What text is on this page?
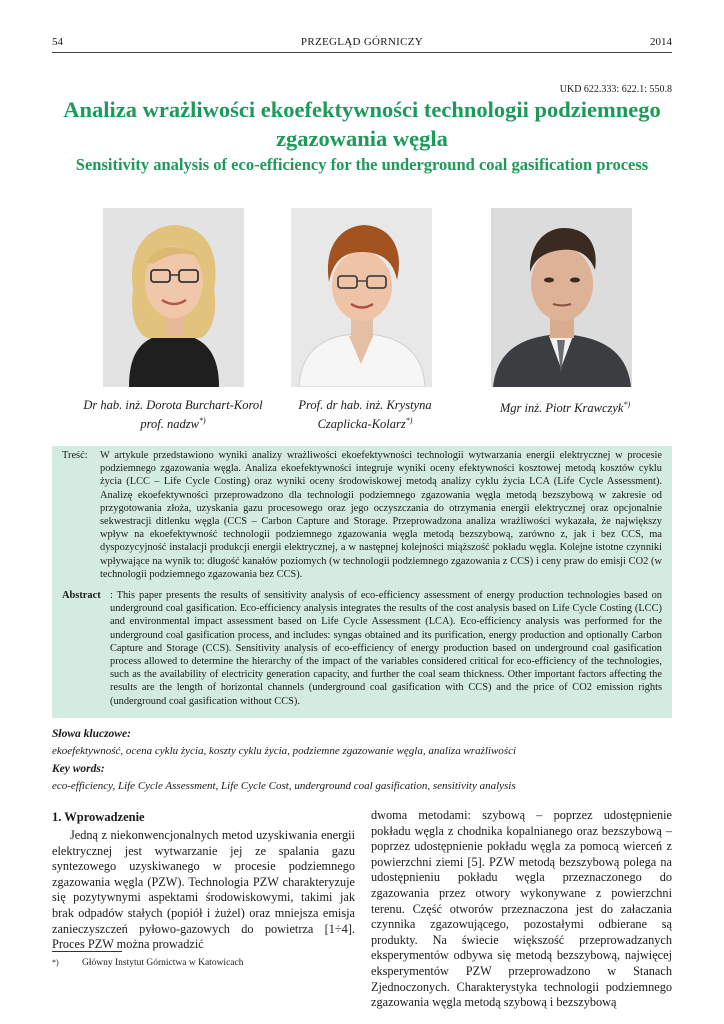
54	PRZEGLĄD GÓRNICZY	2014
UKD 622.333: 622.1: 550.8
Analiza wrażliwości ekoefektywności technologii podziemnego zgazowania węgla
Sensitivity analysis of eco-efficiency for the underground coal gasification process
Dr hab. inż. Dorota Burchart-Korol
prof. nadzw*)
Prof. dr hab. inż. Krystyna
Czaplicka-Kolarz*)
Mgr inż. Piotr Krawczyk*)
Treść: W artykule przedstawiono wyniki analizy wrażliwości ekoefektywności technologii wytwarzania energii elektrycznej w procesie podziemnego zgazowania węgla. Analiza ekoefektywności integruje wyniki oceny efektywności kosztowej metodą kosztów cyklu życia (LCC – Life Cycle Costing) oraz wyniki oceny środowiskowej metodą analizy cyklu życia LCA (Life Cycle Assessment). Analizę ekoefektywności przeprowadzono dla technologii podziemnego zgazowania węgla metodą bezszybową w zakresie od przygotowania złoża, uzyskania gazu procesowego oraz jego oczyszczania do otrzymania energii elektrycznej oraz opcjonalnie sekwestracji ditlenku węgla (CCS – Carbon Capture and Storage. Przeprowadzona analiza wrażliwości wykazała, że największy wpływ na ekoefektywność technologii podziemnego zgazowania węgla metodą bezszybową, zarówno z, jak i bez CCS, ma dyspozycyjność instalacji produkcji energii elektrycznej, a w następnej kolejności miąższość pokładu węgla. Kolejne istotne czynniki wpływające na wynik to: długość kanałów poziomych (w technologii podziemnego zgazowania z CCS) i ceny praw do emisji CO2 (w technologii podziemnego zgazowania bez CCS).
Abstract : This paper presents the results of sensitivity analysis of eco-efficiency assessment of energy production technologies based on underground coal gasification. Eco-efficiency analysis integrates the results of the cost analysis based on Life Cycle Costing (LCC) and environmental impact assessment based on Life Cycle Assessment (LCA). Eco-efficiency analysis was performed for the underground coal gasification process, and includes: syngas obtained and its purification, energy production and optionally Carbon Capture and Storage (CCS). Sensitivity analysis of eco-efficiency of energy production based on underground coal gasification process allowed to determine the hierarchy of the impact of the variables considered critical for eco-efficiency of the technologies, such as the availability of electricity generation capacity, and further the coal seam thickness. Other important factors affecting the results are the length of horizontal channels (underground coal gasification with CCS) and the price of CO2 emission rights (underground coal gasification without CCS).
Słowa kluczowe:
ekoefektywność, ocena cyklu życia, koszty cyklu życia, podziemne zgazowanie węgla, analiza wrażliwości
Key words:
eco-efficiency, Life Cycle Assessment, Life Cycle Cost, underground coal gasification, sensitivity analysis
1. Wprowadzenie

Jedną z niekonwencjonalnych metod uzyskiwania energii elektrycznej jest wytwarzanie jej ze spalania gazu syntezowego uzyskiwanego w procesie podziemnego zgazowania węgla (PZW). Technologia PZW charakteryzuje się pozytywnymi aspektami środowiskowymi, takimi jak brak odpadów stałych (popiół i żużel) oraz mniejsza emisja zanieczyszczeń pyłowo-gazowych do powietrza [1÷4]. Proces PZW można prowadzić

dwoma metodami: szybową – poprzez udostępnienie pokładu węgla z chodnika kopalnianego oraz bezszybową – poprzez udostępnienie pokładu węgla za pomocą wierceń z powierzchni ziemi [5]. PZW metodą bezszybową polega na udostępnieniu pokładu węgla przeznaczonego do zgazowania przez otwory wykonywane z powierzchni terenu. Część otworów przeznaczona jest do załaczania czynnika zgazowującego, pozostałymi odbierane są produkty. Na świecie większość przeprowadzanych eksperymentów odbywa się metodą bezszybową, najwięcej eksperymentów PZW przeprowadzono w Stanach Zjednoczonych. Charakterystyka technologii podziemnego zgazowania węgla metodą szybową i bezszybową

*) Główny Instytut Górnictwa w Katowicach
